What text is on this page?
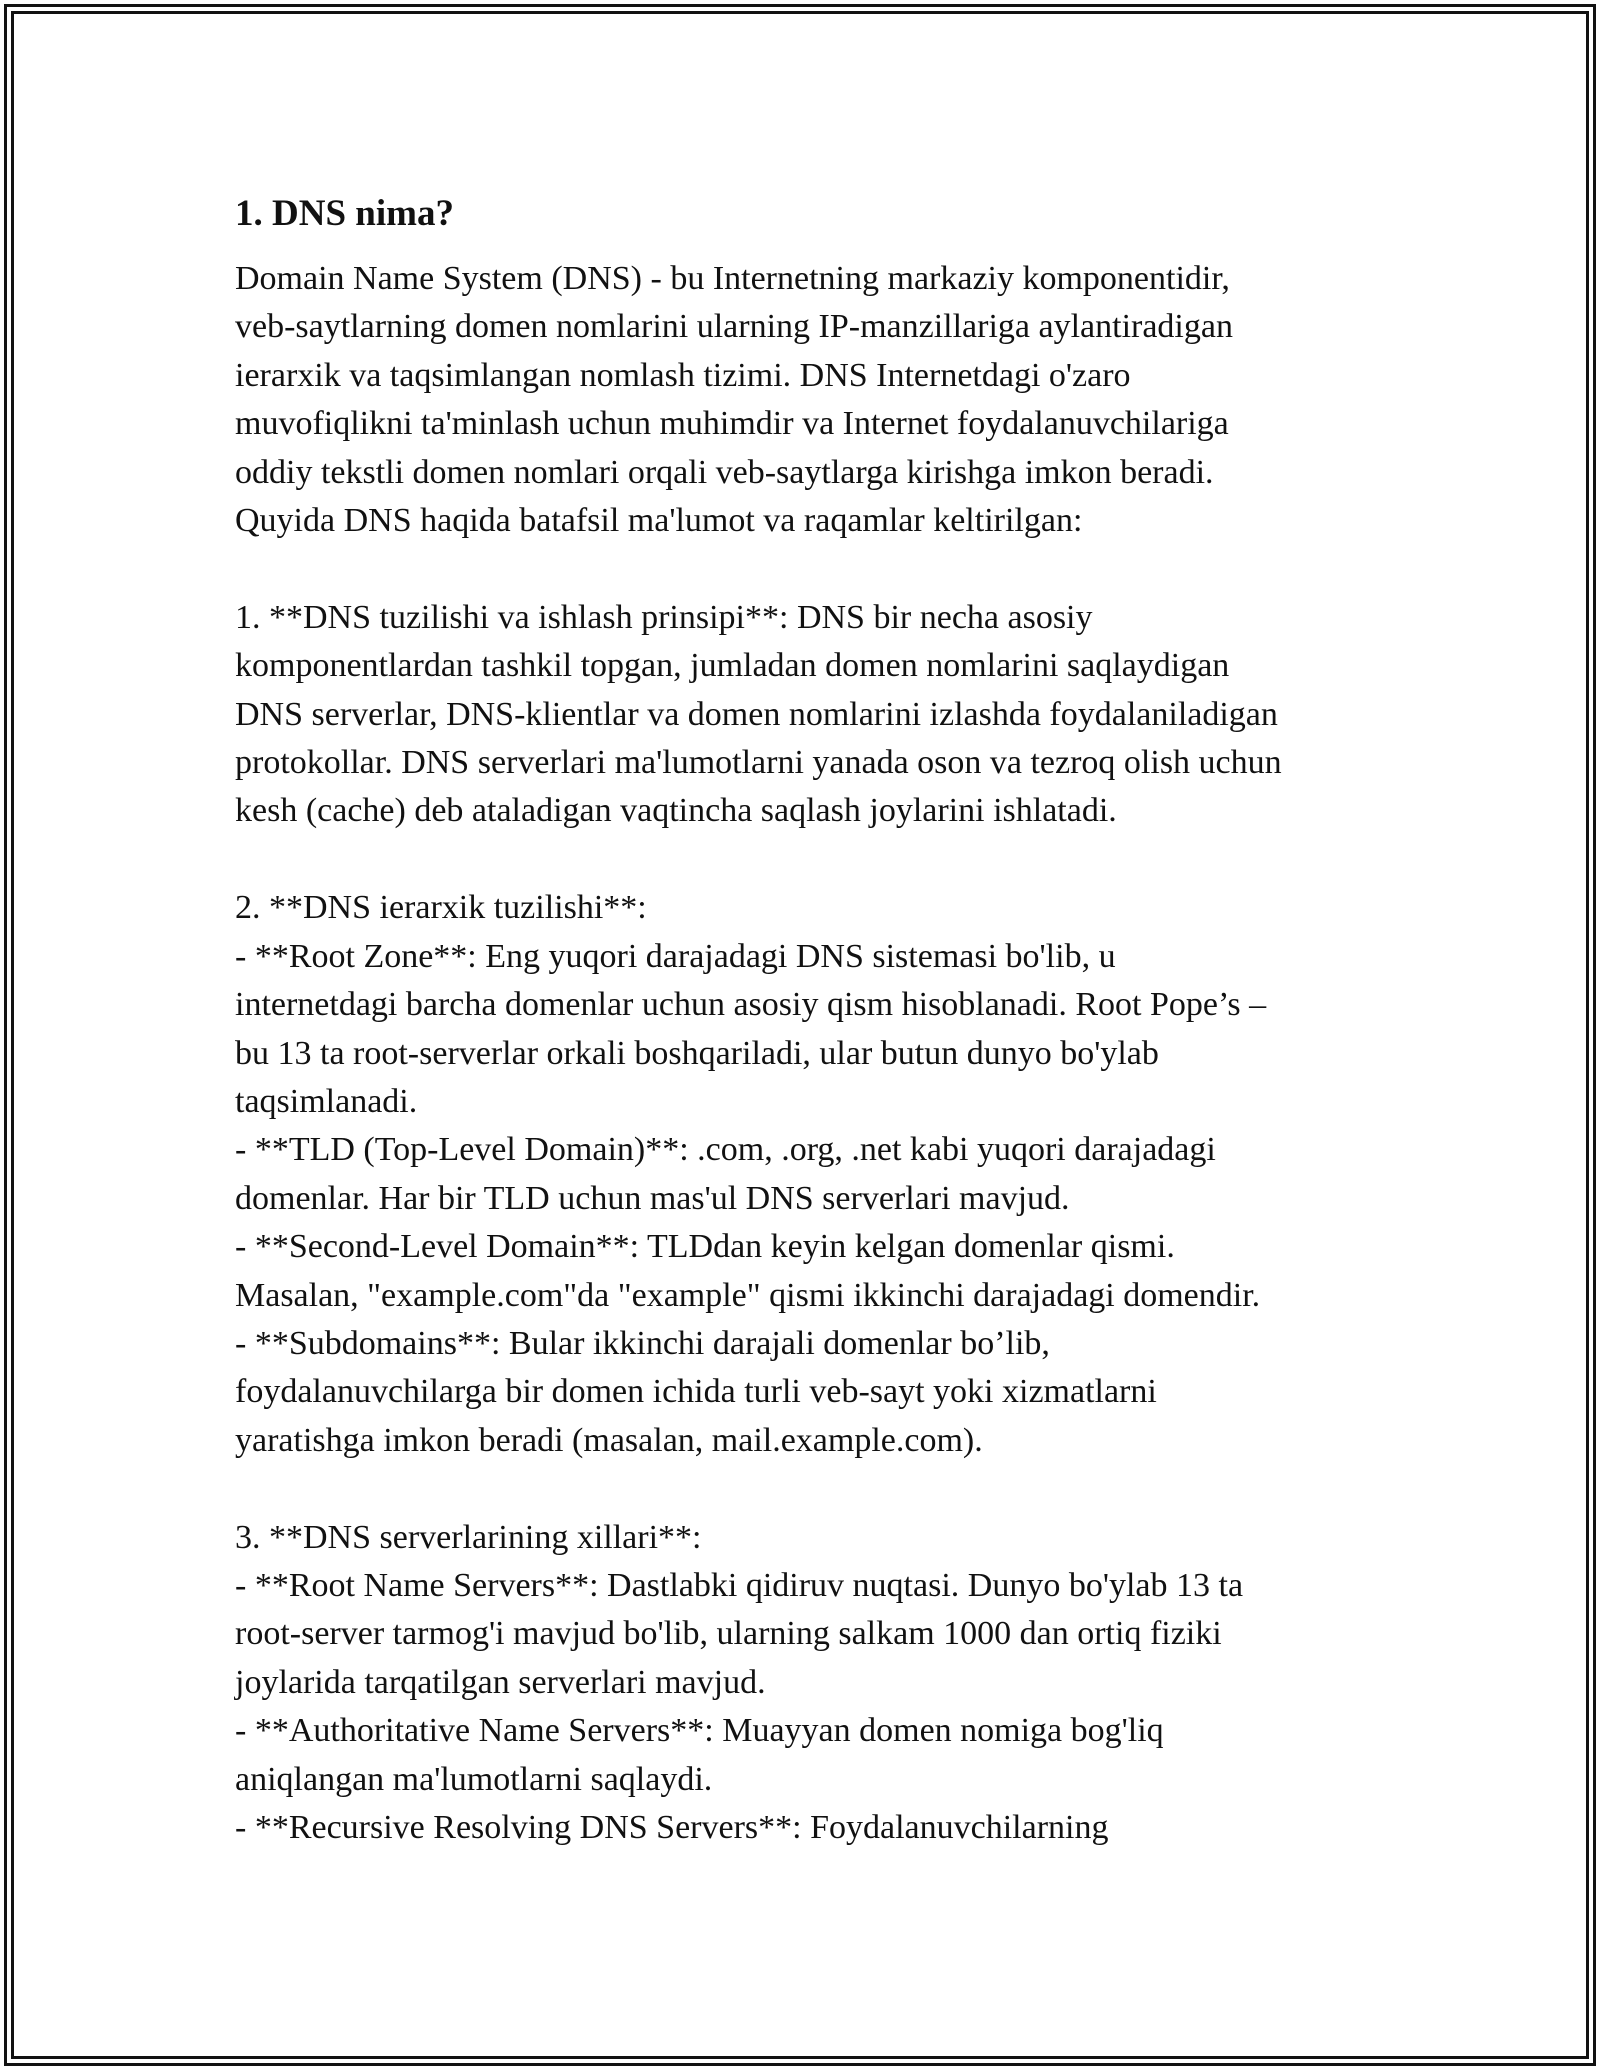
1. DNS nima?
Domain Name System (DNS) - bu Internetning markaziy komponentidir,
veb-saytlarning domen nomlarini ularning IP-manzillariga aylantiradigan
ierarxik va taqsimlangan nomlash tizimi. DNS Internetdagi o'zaro
muvofiqlikni ta'minlash uchun muhimdir va Internet foydalanuvchilariga
oddiy tekstli domen nomlari orqali veb-saytlarga kirishga imkon beradi.
Quyida DNS haqida batafsil ma'lumot va raqamlar keltirilgan:

1. **DNS tuzilishi va ishlash prinsipi**: DNS bir necha asosiy
komponentlardan tashkil topgan, jumladan domen nomlarini saqlaydigan
DNS serverlar, DNS-klientlar va domen nomlarini izlashda foydalaniladigan
protokollar. DNS serverlari ma'lumotlarni yanada oson va tezroq olish uchun
kesh (cache) deb ataladigan vaqtincha saqlash joylarini ishlatadi.

2. **DNS ierarxik tuzilishi**:
- **Root Zone**: Eng yuqori darajadagi DNS sistemasi bo'lib, u
internetdagi barcha domenlar uchun asosiy qism hisoblanadi. Root Pope’s –
bu 13 ta root-serverlar orkali boshqariladi, ular butun dunyo bo'ylab
taqsimlanadi.
- **TLD (Top-Level Domain)**: .com, .org, .net kabi yuqori darajadagi
domenlar. Har bir TLD uchun mas'ul DNS serverlari mavjud.
- **Second-Level Domain**: TLDdan keyin kelgan domenlar qismi.
Masalan, "example.com"da "example" qismi ikkinchi darajadagi domendir.
- **Subdomains**: Bular ikkinchi darajali domenlar bo’lib,
foydalanuvchilarga bir domen ichida turli veb-sayt yoki xizmatlarni
yaratishga imkon beradi (masalan, mail.example.com).

3. **DNS serverlarining xillari**:
- **Root Name Servers**: Dastlabki qidiruv nuqtasi. Dunyo bo'ylab 13 ta
root-server tarmog'i mavjud bo'lib, ularning salkam 1000 dan ortiq fiziki
joylarida tarqatilgan serverlari mavjud.
- **Authoritative Name Servers**: Muayyan domen nomiga bog'liq
aniqlangan ma'lumotlarni saqlaydi.
- **Recursive Resolving DNS Servers**: Foydalanuvchilarning
